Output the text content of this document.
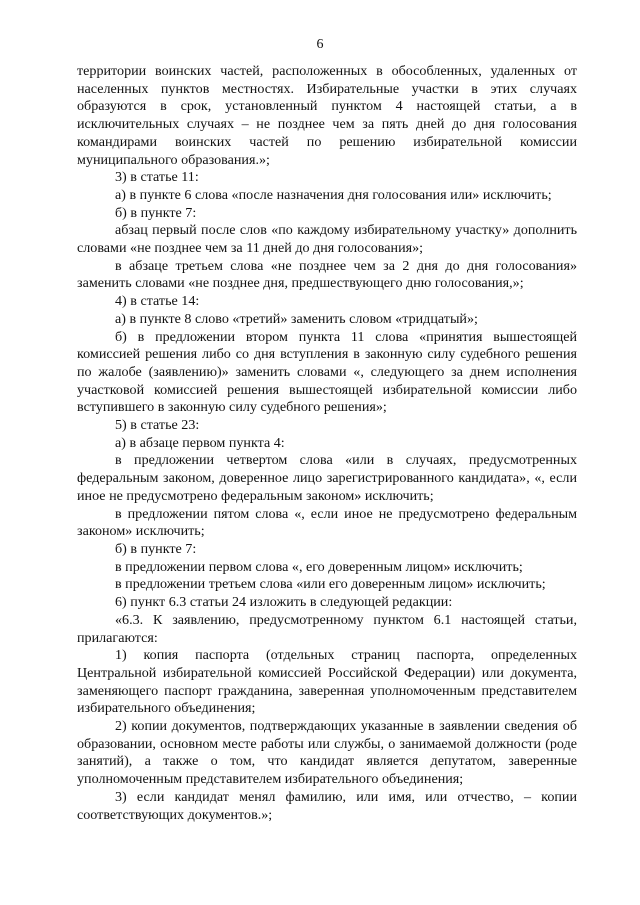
6

территории воинских частей, расположенных в обособленных, удаленных от населенных пунктов местностях. Избирательные участки в этих случаях образуются в срок, установленный пунктом 4 настоящей статьи, а в исключительных случаях – не позднее чем за пять дней до дня голосования командирами воинских частей по решению избирательной комиссии муниципального образования.»;

3) в статье 11:

а) в пункте 6 слова «после назначения дня голосования или» исключить;

б) в пункте 7:

абзац первый после слов «по каждому избирательному участку» дополнить словами «не позднее чем за 11 дней до дня голосования»;

в абзаце третьем слова «не позднее чем за 2 дня до дня голосования» заменить словами «не позднее дня, предшествующего дню голосования,»;

4) в статье 14:

а) в пункте 8 слово «третий» заменить словом «тридцатый»;

б) в предложении втором пункта 11 слова «принятия вышестоящей комиссией решения либо со дня вступления в законную силу судебного решения по жалобе (заявлению)» заменить словами «, следующего за днем исполнения участковой комиссией решения вышестоящей избирательной комиссии либо вступившего в законную силу судебного решения»;

5) в статье 23:

а) в абзаце первом пункта 4:

в предложении четвертом слова «или в случаях, предусмотренных федеральным законом, доверенное лицо зарегистрированного кандидата», «, если иное не предусмотрено федеральным законом» исключить;

в предложении пятом слова «, если иное не предусмотрено федеральным законом» исключить;

б) в пункте 7:

в предложении первом слова «, его доверенным лицом» исключить;

в предложении третьем слова «или его доверенным лицом» исключить;

6) пункт 6.3 статьи 24 изложить в следующей редакции:

«6.3. К заявлению, предусмотренному пунктом 6.1 настоящей статьи, прилагаются:

1) копия паспорта (отдельных страниц паспорта, определенных Центральной избирательной комиссией Российской Федерации) или документа, заменяющего паспорт гражданина, заверенная уполномоченным представителем избирательного объединения;

2) копии документов, подтверждающих указанные в заявлении сведения об образовании, основном месте работы или службы, о занимаемой должности (роде занятий), а также о том, что кандидат является депутатом, заверенные уполномоченным представителем избирательного объединения;

3) если кандидат менял фамилию, или имя, или отчество, – копии соответствующих документов.»;
